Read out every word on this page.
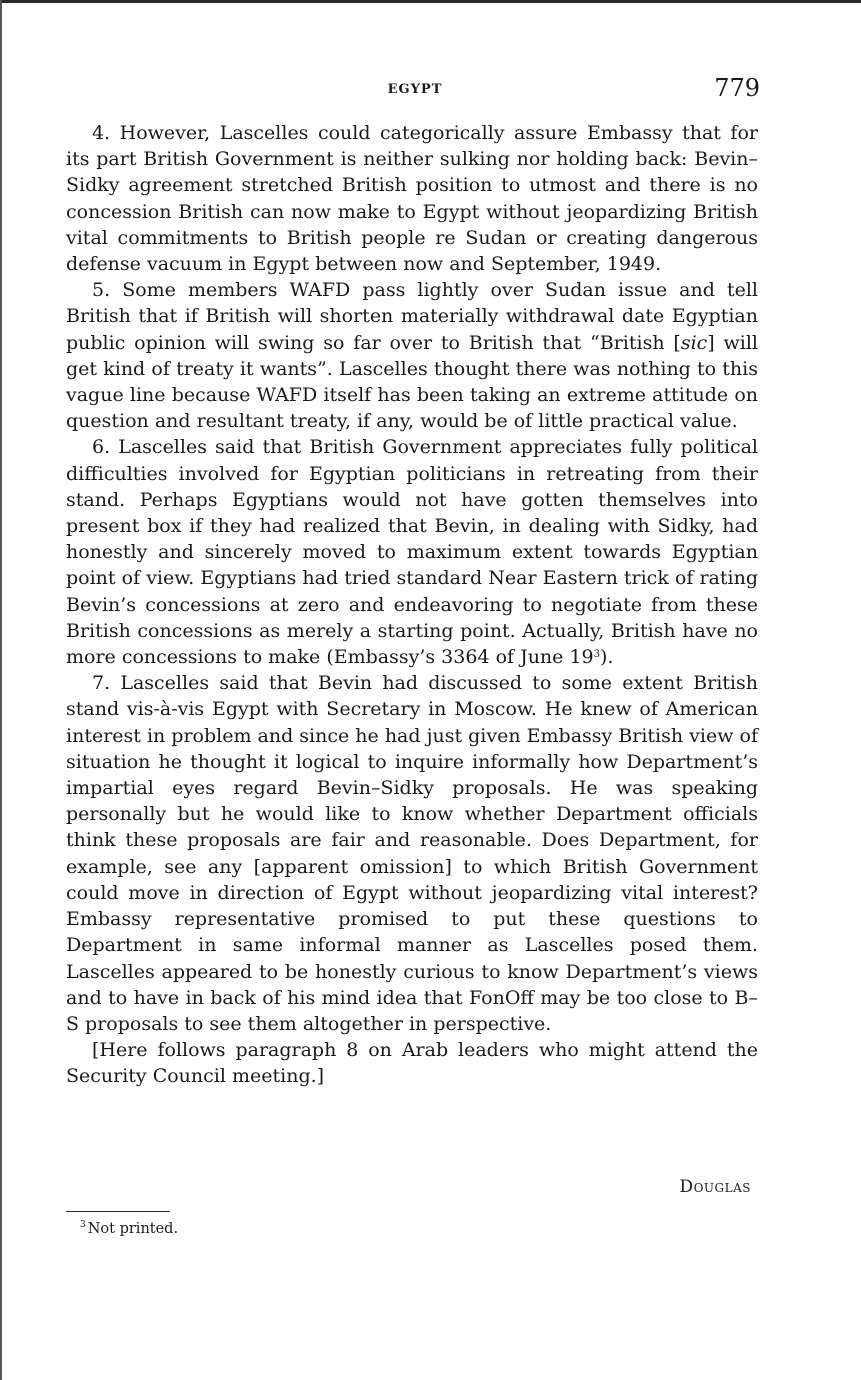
EGYPT	779

4. However, Lascelles could categorically assure Embassy that for its part British Government is neither sulking nor holding back: Bevin–Sidky agreement stretched British position to utmost and there is no concession British can now make to Egypt without jeopardizing British vital commitments to British people re Sudan or creating dangerous defense vacuum in Egypt between now and September, 1949.

5. Some members WAFD pass lightly over Sudan issue and tell British that if British will shorten materially withdrawal date Egyptian public opinion will swing so far over to British that “British [sic] will get kind of treaty it wants”. Lascelles thought there was nothing to this vague line because WAFD itself has been taking an extreme attitude on question and resultant treaty, if any, would be of little practical value.

6. Lascelles said that British Government appreciates fully political difficulties involved for Egyptian politicians in retreating from their stand. Perhaps Egyptians would not have gotten themselves into present box if they had realized that Bevin, in dealing with Sidky, had honestly and sincerely moved to maximum extent towards Egyptian point of view. Egyptians had tried standard Near Eastern trick of rating Bevin’s concessions at zero and endeavoring to negotiate from these British concessions as merely a starting point. Actually, British have no more concessions to make (Embassy’s 3364 of June 19$^3$).

7. Lascelles said that Bevin had discussed to some extent British stand vis-à-vis Egypt with Secretary in Moscow. He knew of American interest in problem and since he had just given Embassy British view of situation he thought it logical to inquire informally how Department’s impartial eyes regard Bevin–Sidky proposals. He was speaking personally but he would like to know whether Department officials think these proposals are fair and reasonable. Does Department, for example, see any [apparent omission] to which British Government could move in direction of Egypt without jeopardizing vital interest? Embassy representative promised to put these questions to Department in same informal manner as Lascelles posed them. Lascelles appeared to be honestly curious to know Department’s views and to have in back of his mind idea that FonOff may be too close to B–S proposals to see them altogether in perspective.

[Here follows paragraph 8 on Arab leaders who might attend the Security Council meeting.]

Douglas
$^3$ Not printed.
